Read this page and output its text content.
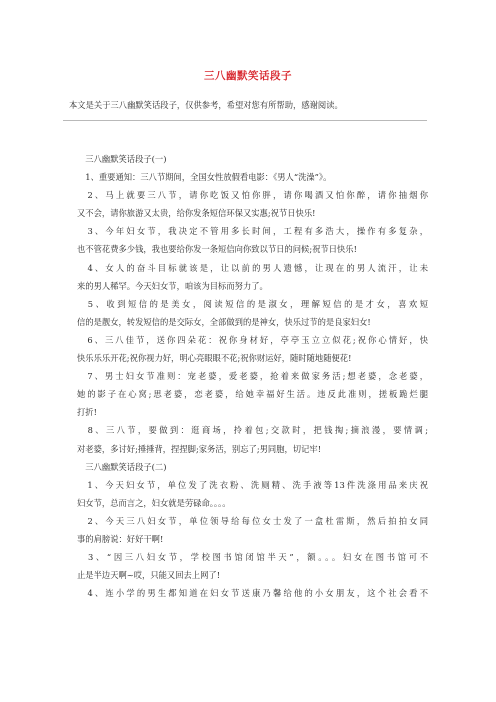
三八幽默笑话段子
本文是关于三八幽默笑话段子，仅供参考，希望对您有所帮助，感谢阅读。
　三八幽默笑话段子(一)
　1、重要通知：三八节期间，全国女性放假看电影：《男人“洗澡”》。
　2、马上就要三八节，请你吃饭又怕你胖，请你喝酒又怕你醉，请你抽烟你
又不会，请你旅游又太贵，给你发条短信环保又实惠;祝节日快乐!
　3、今年妇女节，我决定不管用多长时间，工程有多浩大，操作有多复杂，
也不管花费多少钱，我也要给你发一条短信向你致以节日的问候;祝节日快乐!
　4、女人的奋斗目标就该是，让以前的男人遗憾，让现在的男人流汗，让未
来的男人稀罕。今天妇女节，咱该为目标而努力了。
　5、收到短信的是美女，阅读短信的是淑女，理解短信的是才女，喜欢短
信的是靓女，转发短信的是交际女，全部做到的是神女，快乐过节的是良家妇女!
　6、三八佳节，送你四朵花：祝你身材好，亭亭玉立立似花;祝你心情好，快
快乐乐乐开花;祝你视力好，明心亮眼眼不花;祝你财运好，随时随地随便花!
　7、男士妇女节准则：宠老婆，爱老婆，抢着来做家务活;想老婆，念老婆，
她的影子在心窝;思老婆，恋老婆，给她幸福好生活。违反此准则，搓板跪烂腿
打折!
　8、三八节，要做到：逛商场，拎着包;交款时，把钱掏;摘浪漫，要情调;
对老婆，多讨好;捶捶背，捏捏脚;家务活，别忘了;男同胞，切记牢!
　三八幽默笑话段子(二)
　1、今天妇女节，单位发了洗衣粉、洗厕精、洗手液等13件洗涤用品来庆祝
妇女节，总而言之，妇女就是劳碌命。。。。
　2、今天三八妇女节，单位领导给每位女士发了一盒杜雷斯，然后拍拍女同
事的肩膀说：好好干啊!
　3、“因三八妇女节，学校图书馆闭馆半天”，额。。。妇女在图书馆可不
止是半边天啊~哎，只能又回去上网了!
　4、连小学的男生都知道在妇女节送康乃馨给他的小女朋友，这个社会看不
